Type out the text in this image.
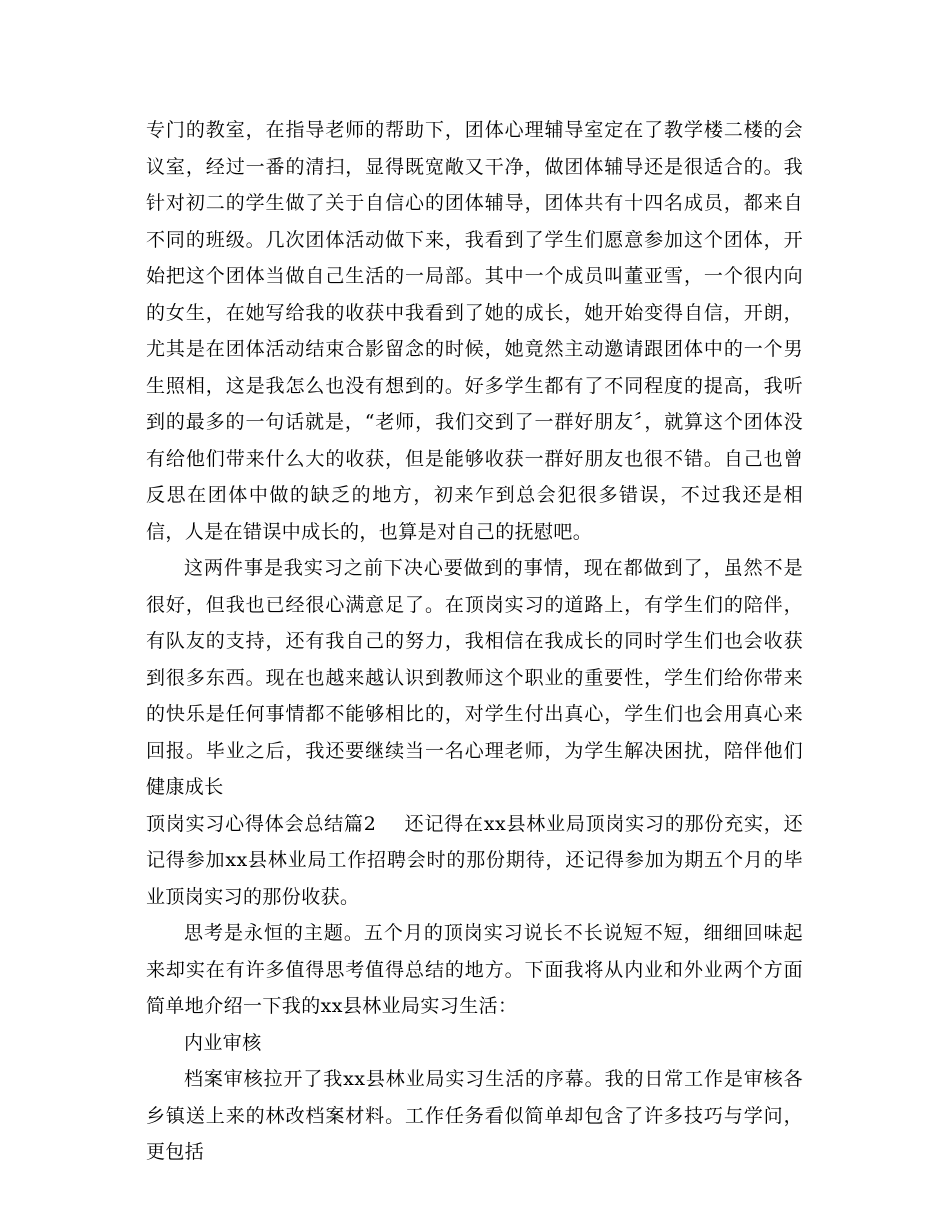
专门的教室，在指导老师的帮助下，团体心理辅导室定在了教学楼二楼的会议室，经过一番的清扫，显得既宽敞又干净，做团体辅导还是很适合的。我针对初二的学生做了关于自信心的团体辅导，团体共有十四名成员，都来自不同的班级。几次团体活动做下来，我看到了学生们愿意参加这个团体，开始把这个团体当做自己生活的一局部。其中一个成员叫董亚雪，一个很内向的女生，在她写给我的收获中我看到了她的成长，她开始变得自信，开朗，尤其是在团体活动结束合影留念的时候，她竟然主动邀请跟团体中的一个男生照相，这是我怎么也没有想到的。好多学生都有了不同程度的提高，我听到的最多的一句话就是，“老师，我们交到了一群好朋友〞，就算这个团体没有给他们带来什么大的收获，但是能够收获一群好朋友也很不错。自己也曾反思在团体中做的缺乏的地方，初来乍到总会犯很多错误，不过我还是相信，人是在错误中成长的，也算是对自己的抚慰吧。

这两件事是我实习之前下决心要做到的事情，现在都做到了，虽然不是很好，但我也已经很心满意足了。在顶岗实习的道路上，有学生们的陪伴，有队友的支持，还有我自己的努力，我相信在我成长的同时学生们也会收获到很多东西。现在也越来越认识到教师这个职业的重要性，学生们给你带来的快乐是任何事情都不能够相比的，对学生付出真心，学生们也会用真心来回报。毕业之后，我还要继续当一名心理老师，为学生解决困扰，陪伴他们健康成长

顶岗实习心得体会总结篇2 还记得在xx县林业局顶岗实习的那份充实，还记得参加xx县林业局工作招聘会时的那份期待，还记得参加为期五个月的毕业顶岗实习的那份收获。

思考是永恒的主题。五个月的顶岗实习说长不长说短不短，细细回味起来却实在有许多值得思考值得总结的地方。下面我将从内业和外业两个方面简单地介绍一下我的xx县林业局实习生活：

内业审核

档案审核拉开了我xx县林业局实习生活的序幕。我的日常工作是审核各乡镇送上来的林改档案材料。工作任务看似简单却包含了许多技巧与学问，更包括
